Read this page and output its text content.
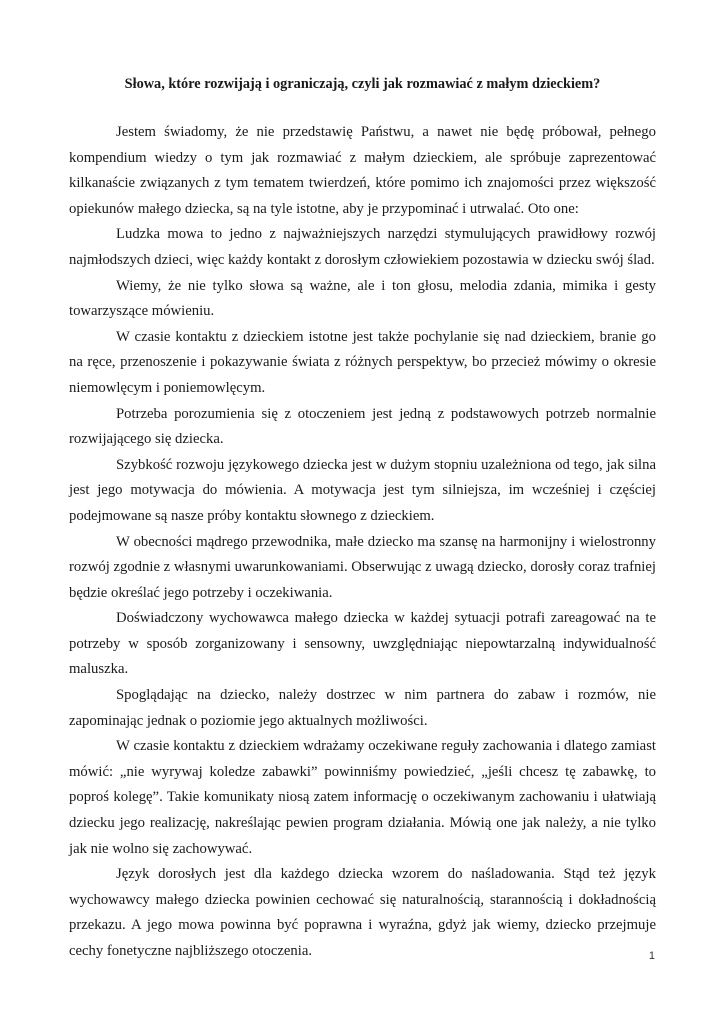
Słowa, które rozwijają i ograniczają, czyli jak rozmawiać z małym dzieckiem?

Jestem świadomy, że nie przedstawię Państwu, a nawet nie będę próbował, pełnego kompendium wiedzy o tym jak rozmawiać z małym dzieckiem, ale spróbuje zaprezentować kilkanaście związanych z tym tematem twierdzeń, które pomimo ich znajomości przez większość opiekunów małego dziecka, są na tyle istotne, aby je przypominać i utrwalać. Oto one:

Ludzka mowa to jedno z najważniejszych narzędzi stymulujących prawidłowy rozwój najmłodszych dzieci, więc każdy kontakt z dorosłym człowiekiem pozostawia w dziecku swój ślad.

Wiemy, że nie tylko słowa są ważne, ale i ton głosu, melodia zdania, mimika i gesty towarzyszące mówieniu.

W czasie kontaktu z dzieckiem istotne jest także pochylanie się nad dzieckiem, branie go na ręce, przenoszenie i pokazywanie świata z różnych perspektyw, bo przecież mówimy o okresie niemowlęcym i poniemowlęcym.

Potrzeba porozumienia się z otoczeniem jest jedną z podstawowych potrzeb normalnie rozwijającego się dziecka.

Szybkość rozwoju językowego dziecka jest w dużym stopniu uzależniona od tego, jak silna jest jego motywacja do mówienia. A motywacja jest tym silniejsza, im wcześniej i częściej podejmowane są nasze próby kontaktu słownego z dzieckiem.

W obecności mądrego przewodnika, małe dziecko ma szansę na harmonijny i wielostronny rozwój zgodnie z własnymi uwarunkowaniami. Obserwując z uwagą dziecko, dorosły coraz trafniej będzie określać jego potrzeby i oczekiwania.

Doświadczony wychowawca małego dziecka w każdej sytuacji potrafi zareagować na te potrzeby w sposób zorganizowany i sensowny, uwzględniając niepowtarzalną indywidualność maluszka.

Spoglądając na dziecko, należy dostrzec w nim partnera do zabaw i rozmów, nie zapominając jednak o poziomie jego aktualnych możliwości.

W czasie kontaktu z dzieckiem wdrażamy oczekiwane reguły zachowania i dlatego zamiast mówić: „nie wyrywaj koledze zabawki” powinniśmy powiedzieć, „jeśli chcesz tę zabawkę, to poproś kolegę”. Takie komunikaty niosą zatem informację o oczekiwanym zachowaniu i ułatwiają dziecku jego realizację, nakreślając pewien program działania. Mówią one jak należy, a nie tylko jak nie wolno się zachowywać.

Język dorosłych jest dla każdego dziecka wzorem do naśladowania. Stąd też język wychowawcy małego dziecka powinien cechować się naturalnością, starannością i dokładnością przekazu. A jego mowa powinna być poprawna i wyraźna, gdyż jak wiemy, dziecko przejmuje cechy fonetyczne najbliższego otoczenia.	1
